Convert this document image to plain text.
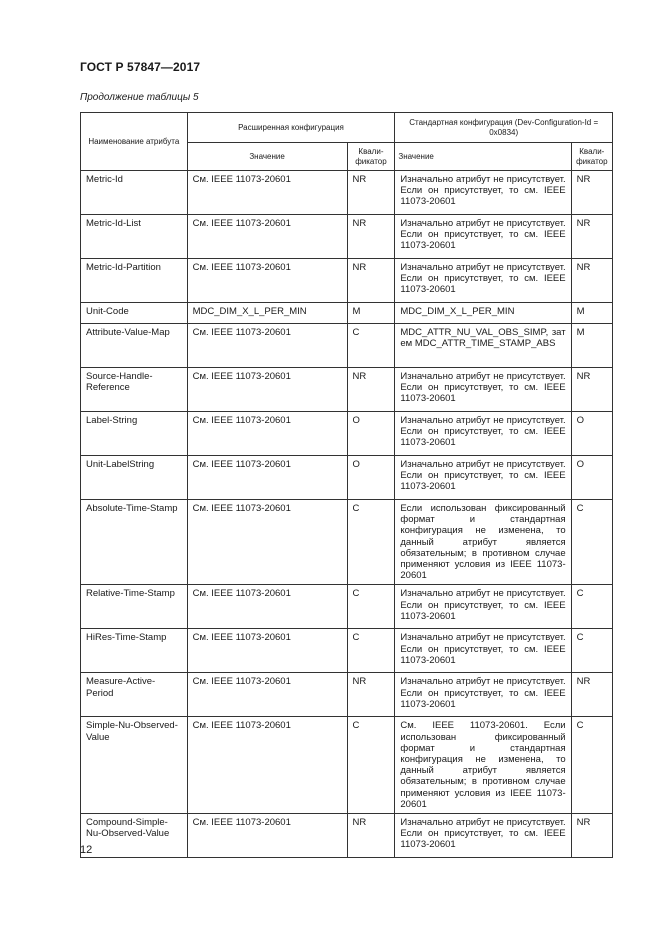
ГОСТ Р 57847—2017
Продолжение таблицы 5
Наименование атрибута	Расширенная конфигурация		Стандартная конфигурация (Dev-Configuration-Id = 0x0834)	
	Значение	Квали-фикатор	Значение	Квали-фикатор
Metric-Id	См. IEEE 11073-20601	NR	Изначально атрибут не присутствует. Если он присутствует, то см. IEEE 11073-20601	NR
Metric-Id-List	См. IEEE 11073-20601	NR	Изначально атрибут не присутствует. Если он присутствует, то см. IEEE 11073-20601	NR
Metric-Id-Partition	См. IEEE 11073-20601	NR	Изначально атрибут не присутствует. Если он присутствует, то см. IEEE 11073-20601	NR
Unit-Code	MDC_DIM_X_L_PER_MIN	M	MDC_DIM_X_L_PER_MIN	M
Attribute-Value-Map	См. IEEE 11073-20601	C	MDC_ATTR_NU_VAL_OBS_SIMP, затем MDC_ATTR_TIME_STAMP_ABS	M
Source-Handle-Reference	См. IEEE 11073-20601	NR	Изначально атрибут не присутствует. Если он присутствует, то см. IEEE 11073-20601	NR
Label-String	См. IEEE 11073-20601	O	Изначально атрибут не присутствует. Если он присутствует, то см. IEEE 11073-20601	O
Unit-LabelString	См. IEEE 11073-20601	O	Изначально атрибут не присутствует. Если он присутствует, то см. IEEE 11073-20601	O
Absolute-Time-Stamp	См. IEEE 11073-20601	C	Если использован фиксированный формат и стандартная конфигурация не изменена, то данный атрибут является обязательным; в противном случае применяют условия из IEEE 11073-20601	C
Relative-Time-Stamp	См. IEEE 11073-20601	C	Изначально атрибут не присутствует. Если он присутствует, то см. IEEE 11073-20601	C
HiRes-Time-Stamp	См. IEEE 11073-20601	C	Изначально атрибут не присутствует. Если он присутствует, то см. IEEE 11073-20601	C
Measure-Active-Period	См. IEEE 11073-20601	NR	Изначально атрибут не присутствует. Если он присутствует, то см. IEEE 11073-20601	NR
Simple-Nu-Observed-Value	См. IEEE 11073-20601	C	См. IEEE 11073-20601. Если использован фиксированный формат и стандартная конфигурация не изменена, то данный атрибут является обязательным; в противном случае применяют условия из IEEE 11073-20601	C
Compound-Simple-Nu-Observed-Value	См. IEEE 11073-20601	NR	Изначально атрибут не присутствует. Если он присутствует, то см. IEEE 11073-20601	NR
12
